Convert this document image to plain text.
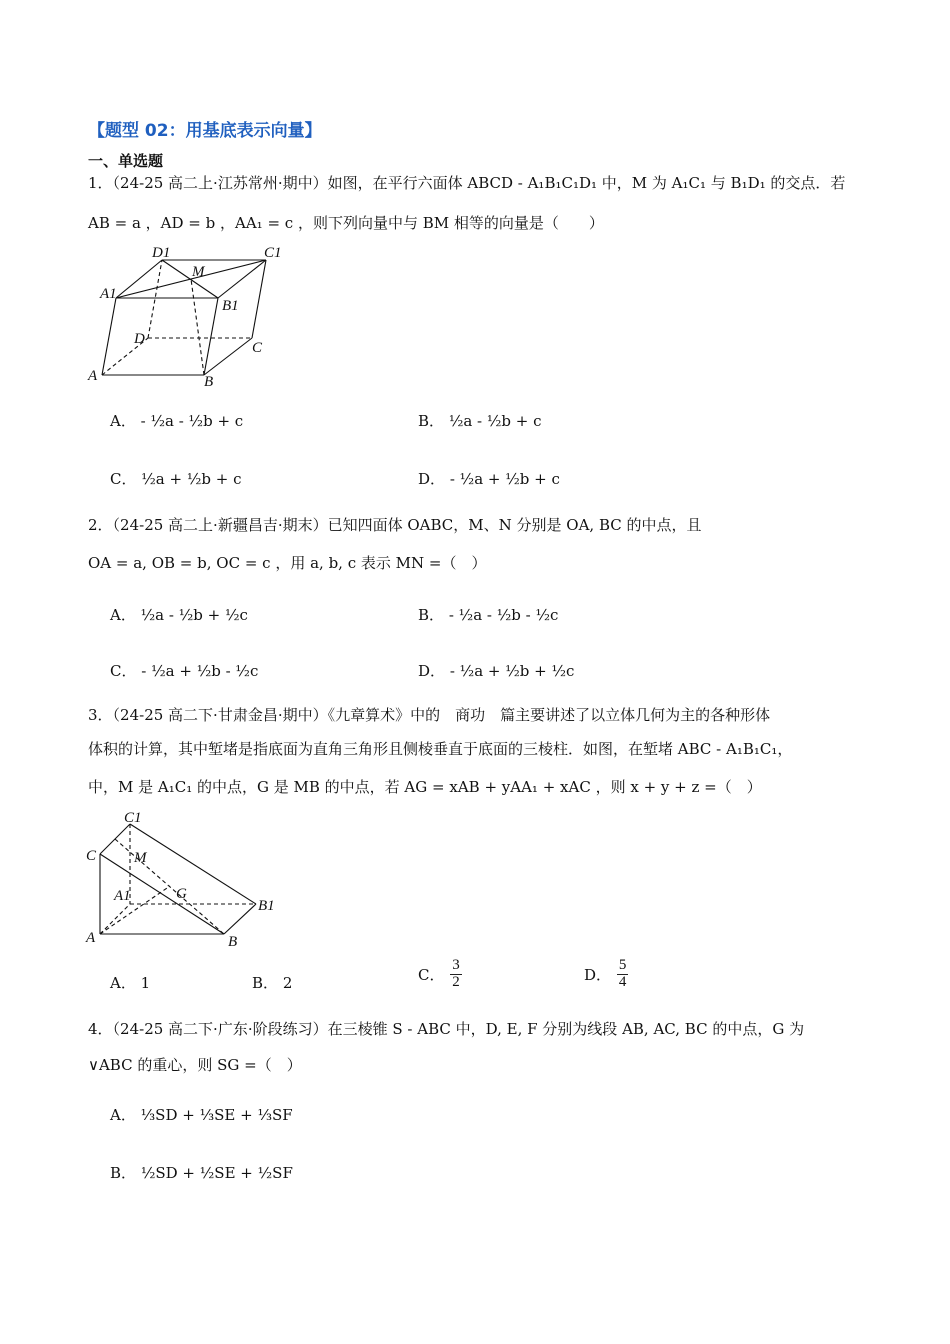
【题型 02：用基底表示向量】
一、单选题
1．（24-25 高二上·江苏常州·期中）如图，在平行六面体 ABCD - A₁B₁C₁D₁ 中，M 为 A₁C₁ 与 B₁D₁ 的交点．若
AB = a ，AD = b ，AA₁ = c ，则下列向量中与 BM 相等的向量是（　　）
D1
M
C1
A1
B1
D
C
A	B
A． - ½a - ½b + c	B． ½a - ½b + c
C． ½a + ½b + c	D． - ½a + ½b + c
2．（24-25 高二上·新疆昌吉·期末）已知四面体 OABC，M、N 分别是 OA, BC 的中点，且
OA = a, OB = b, OC = c ，用 a, b, c 表示 MN =（　）
A． ½a - ½b + ½c	B． - ½a - ½b - ½c
C． - ½a + ½b - ½c	D． - ½a + ½b + ½c
3．（24-25 高二下·甘肃金昌·期中）《九章算术》中的　商功　篇主要讲述了以立体几何为主的各种形体
体积的计算，其中堑堵是指底面为直角三角形且侧棱垂直于底面的三棱柱．如图，在堑堵 ABC - A₁B₁C₁，
中，M 是 A₁C₁ 的中点，G 是 MB 的中点，若 AG = xAB + yAA₁ + xAC ，则 x + y + z =（　）
C1
C	M
A1	G
B1
A	B
A． 1	B． 2	C． $\frac{3}{2}$	D． $\frac{5}{4}$
4．（24-25 高二下·广东·阶段练习）在三棱锥 S - ABC 中，D, E, F 分别为线段 AB, AC, BC 的中点，G 为
∨ABC 的重心，则 SG =（　）
A． ⅓SD + ⅓SE + ⅓SF
B． ½SD + ½SE + ½SF
